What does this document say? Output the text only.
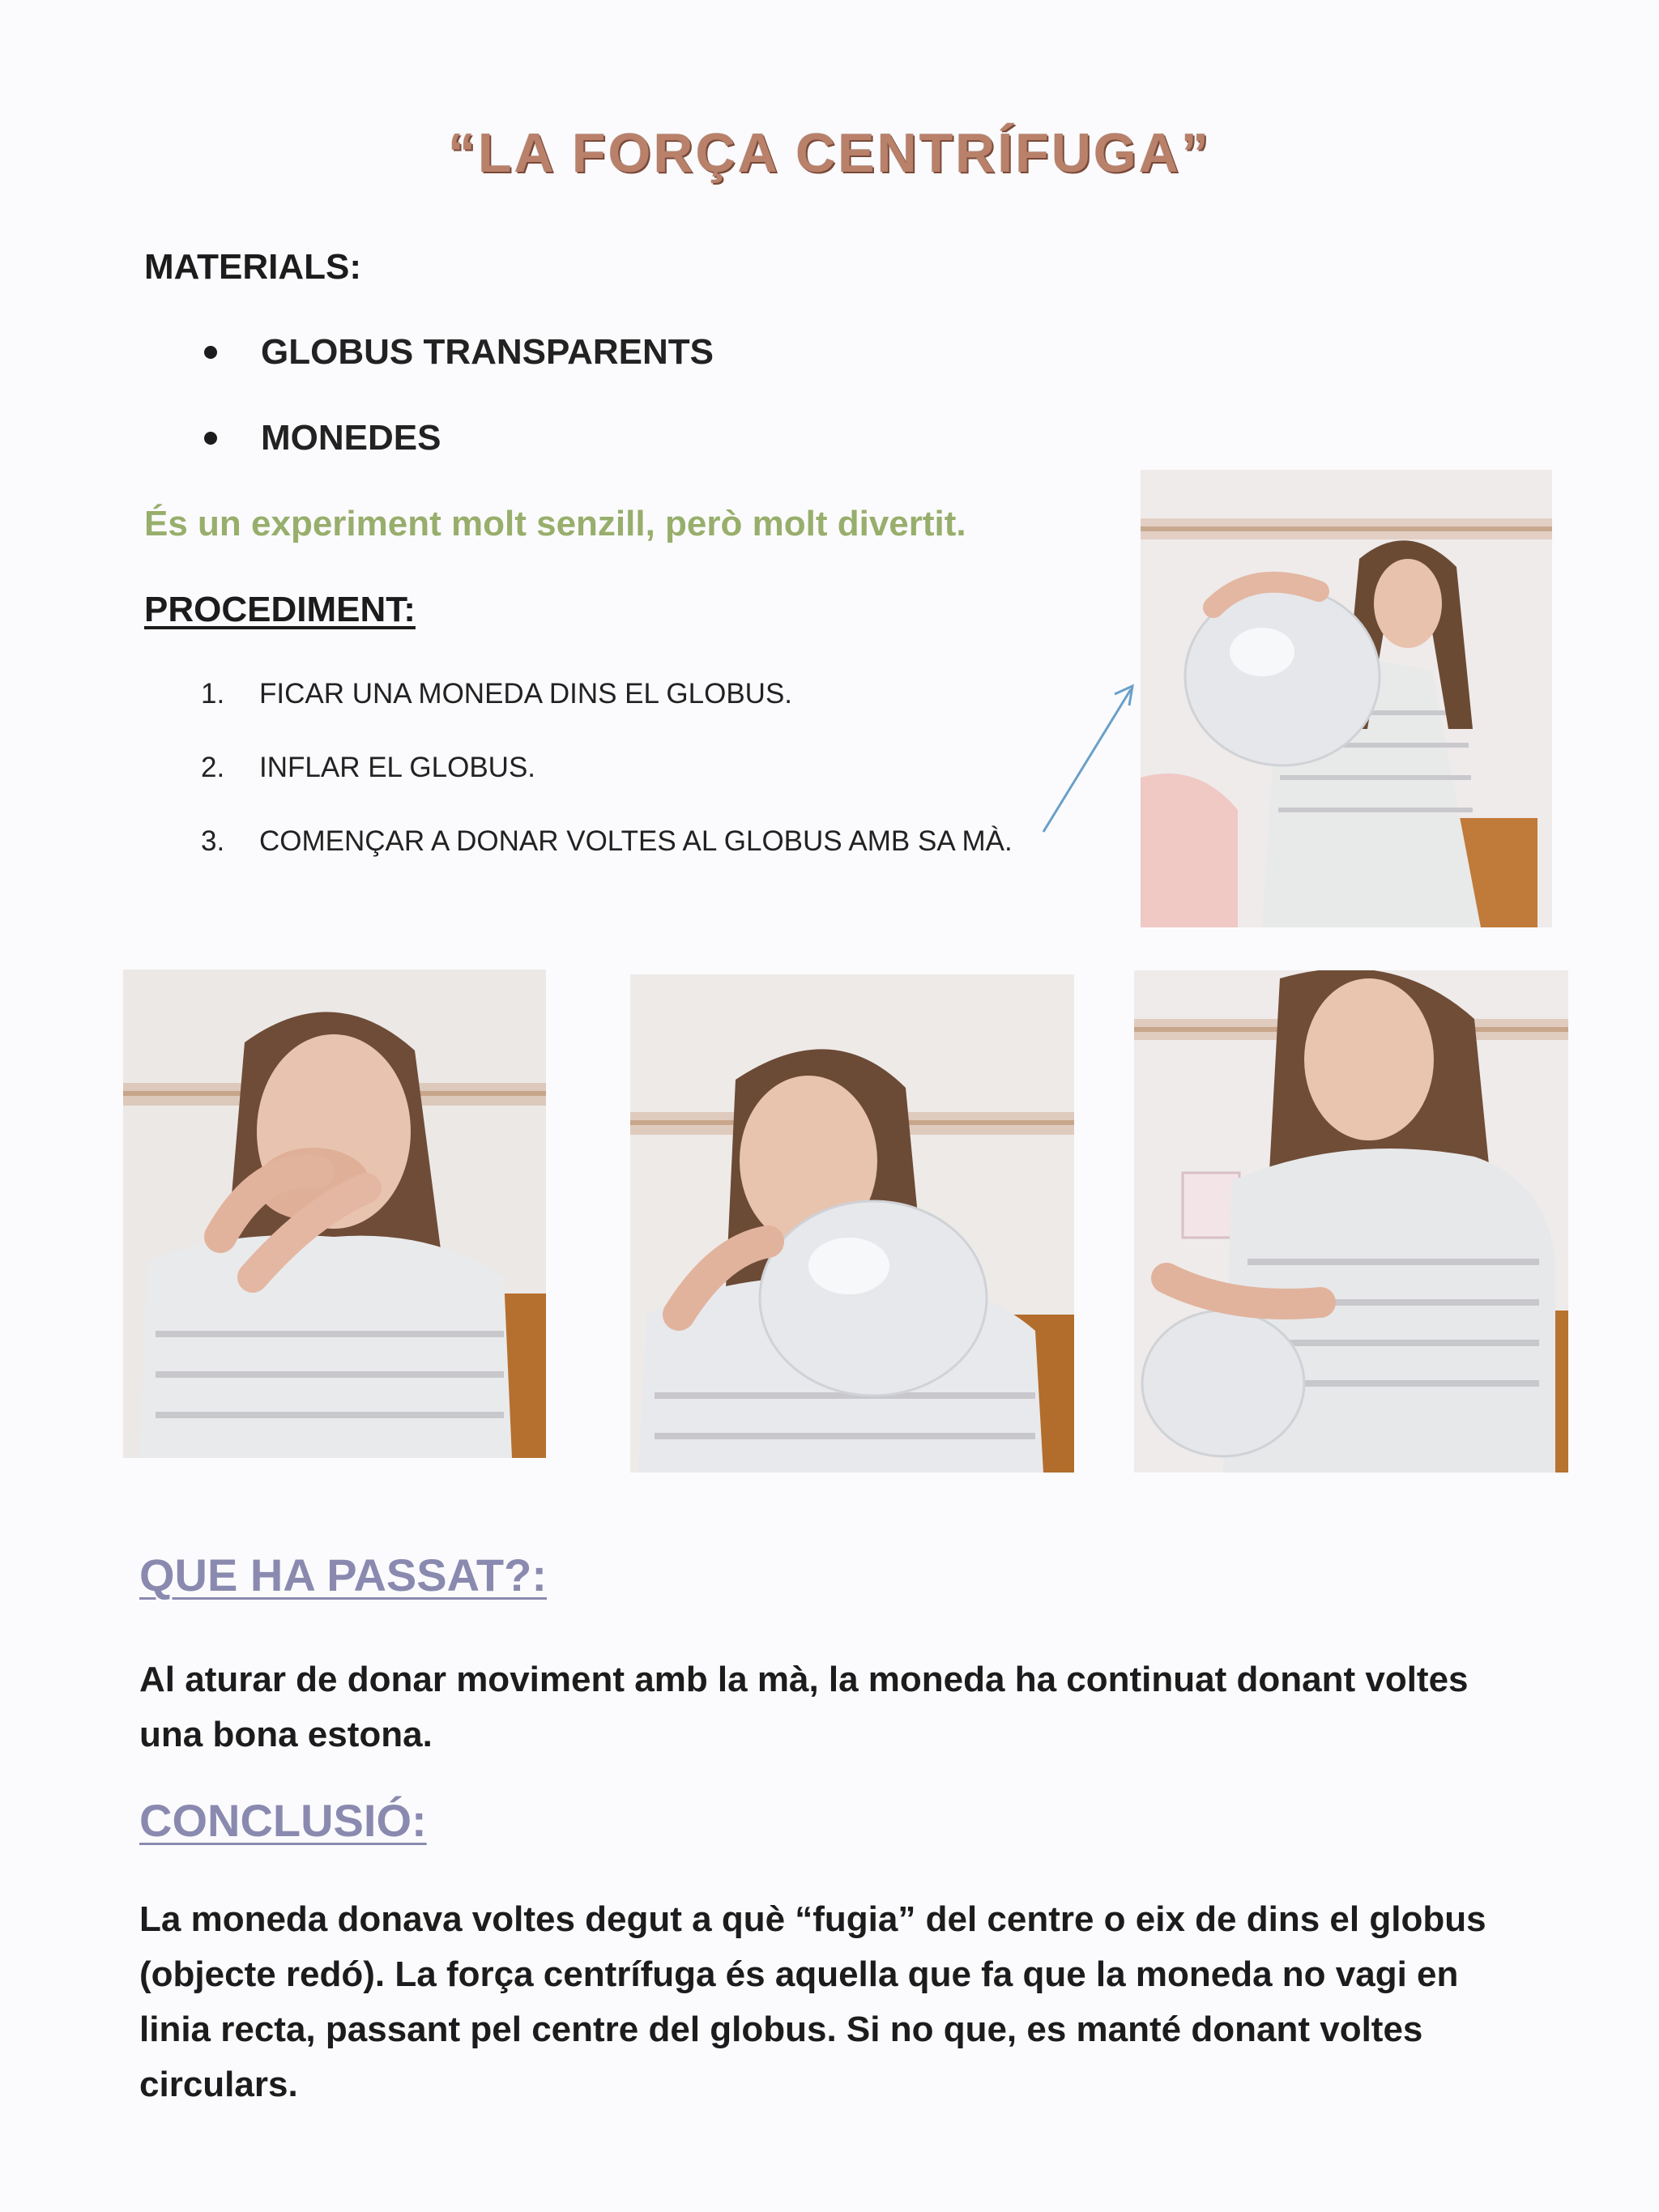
“LA FORÇA CENTRÍFUGA”
MATERIALS:
GLOBUS TRANSPARENTS
MONEDES
És un experiment molt senzill, però molt divertit.
PROCEDIMENT:
1. FICAR UNA MONEDA DINS EL GLOBUS.
2. INFLAR EL GLOBUS.
3. COMENÇAR A DONAR VOLTES AL GLOBUS AMB SA MÀ.
QUE HA PASSAT?:
Al aturar de donar moviment amb la mà, la moneda ha continuat donant voltes una bona estona.
CONCLUSIÓ:
La moneda donava voltes degut a què “fugia” del centre o eix de dins el globus (objecte redó). La força centrífuga és aquella que fa que la moneda no vagi en linia recta, passant pel centre del globus. Si no que, es manté donant voltes circulars.
